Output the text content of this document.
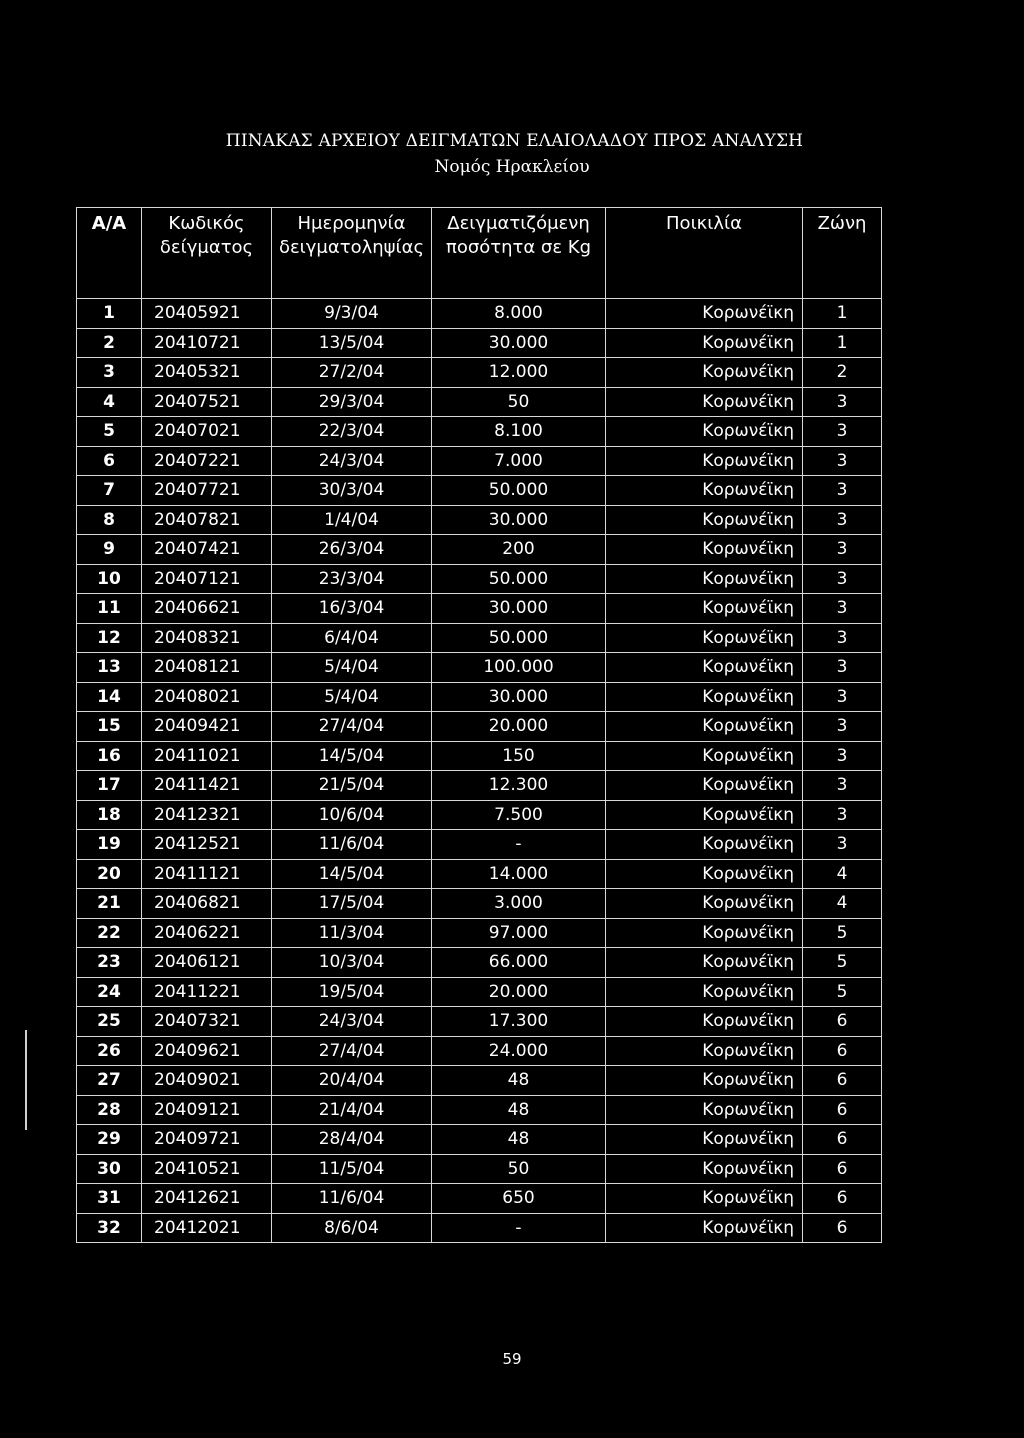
ΠΙΝΑΚΑΣ ΑΡΧΕΙΟΥ ΔΕΙΓΜΑΤΩΝ ΕΛΑΙΟΛΑΔΟΥ ΠΡΟΣ ΑΝΑΛΥΣΗ
Νομός Ηρακλείου
Α/Α	Κωδικός δείγματος	Ημερομηνία δειγματοληψίας	Δειγματιζόμενη ποσότητα σε Kg	Ποικιλία	Ζώνη
1	20405921	9/3/04	8.000	Κορωνέϊκη	1
2	20410721	13/5/04	30.000	Κορωνέϊκη	1
3	20405321	27/2/04	12.000	Κορωνέϊκη	2
4	20407521	29/3/04	50	Κορωνέϊκη	3
5	20407021	22/3/04	8.100	Κορωνέϊκη	3
6	20407221	24/3/04	7.000	Κορωνέϊκη	3
7	20407721	30/3/04	50.000	Κορωνέϊκη	3
8	20407821	1/4/04	30.000	Κορωνέϊκη	3
9	20407421	26/3/04	200	Κορωνέϊκη	3
10	20407121	23/3/04	50.000	Κορωνέϊκη	3
11	20406621	16/3/04	30.000	Κορωνέϊκη	3
12	20408321	6/4/04	50.000	Κορωνέϊκη	3
13	20408121	5/4/04	100.000	Κορωνέϊκη	3
14	20408021	5/4/04	30.000	Κορωνέϊκη	3
15	20409421	27/4/04	20.000	Κορωνέϊκη	3
16	20411021	14/5/04	150	Κορωνέϊκη	3
17	20411421	21/5/04	12.300	Κορωνέϊκη	3
18	20412321	10/6/04	7.500	Κορωνέϊκη	3
19	20412521	11/6/04	-	Κορωνέϊκη	3
20	20411121	14/5/04	14.000	Κορωνέϊκη	4
21	20406821	17/5/04	3.000	Κορωνέϊκη	4
22	20406221	11/3/04	97.000	Κορωνέϊκη	5
23	20406121	10/3/04	66.000	Κορωνέϊκη	5
24	20411221	19/5/04	20.000	Κορωνέϊκη	5
25	20407321	24/3/04	17.300	Κορωνέϊκη	6
26	20409621	27/4/04	24.000	Κορωνέϊκη	6
27	20409021	20/4/04	48	Κορωνέϊκη	6
28	20409121	21/4/04	48	Κορωνέϊκη	6
29	20409721	28/4/04	48	Κορωνέϊκη	6
30	20410521	11/5/04	50	Κορωνέϊκη	6
31	20412621	11/6/04	650	Κορωνέϊκη	6
32	20412021	8/6/04	-	Κορωνέϊκη	6
59
